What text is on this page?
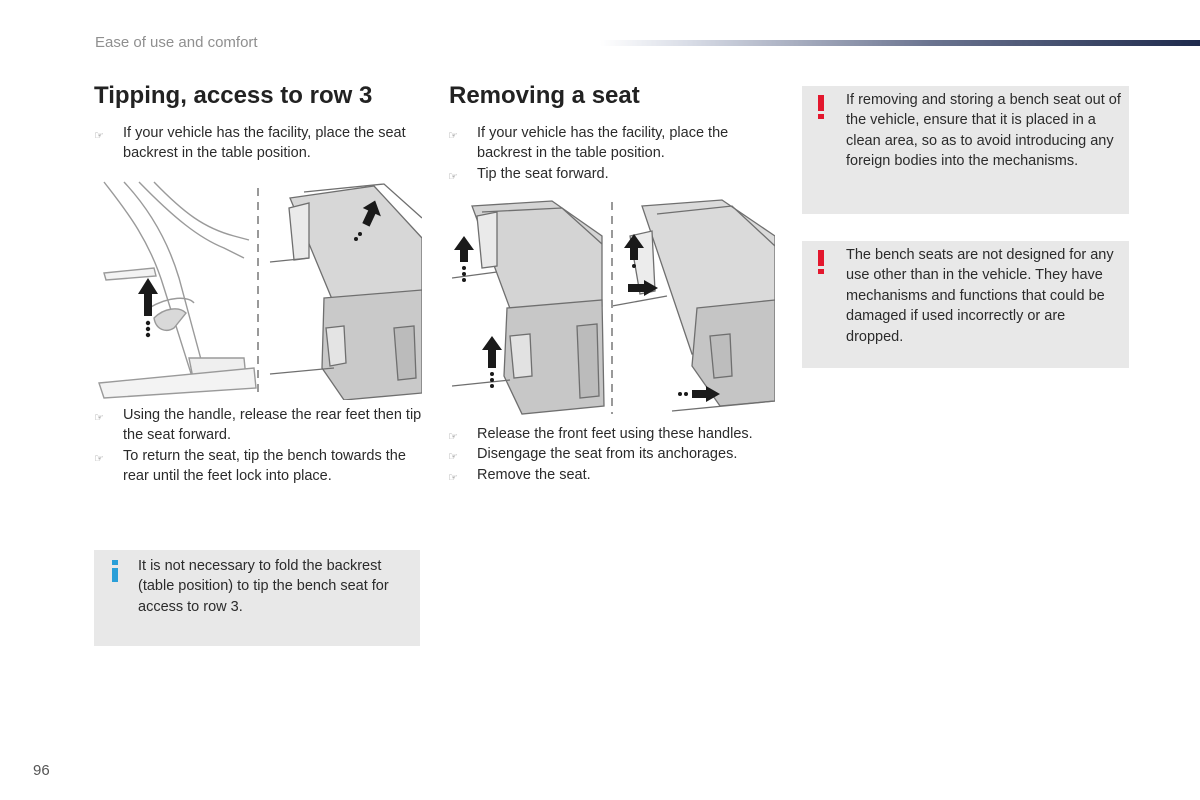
Ease of use and comfort
Tipping, access to row 3
☞ If your vehicle has the facility, place the seat backrest in the table position.
☞ Using the handle, release the rear feet then tip the seat forward.
☞ To return the seat, tip the bench towards the rear until the feet lock into place.
It is not necessary to fold the backrest (table position) to tip the bench seat for access to row 3.
Removing a seat
☞ If your vehicle has the facility, place the backrest in the table position.
☞ Tip the seat forward.
☞ Release the front feet using these handles.
☞ Disengage the seat from its anchorages.
☞ Remove the seat.
If removing and storing a bench seat out of the vehicle, ensure that it is placed in a clean area, so as to avoid introducing any foreign bodies into the mechanisms.
The bench seats are not designed for any use other than in the vehicle. They have mechanisms and functions that could be damaged if used incorrectly or are dropped.
96
